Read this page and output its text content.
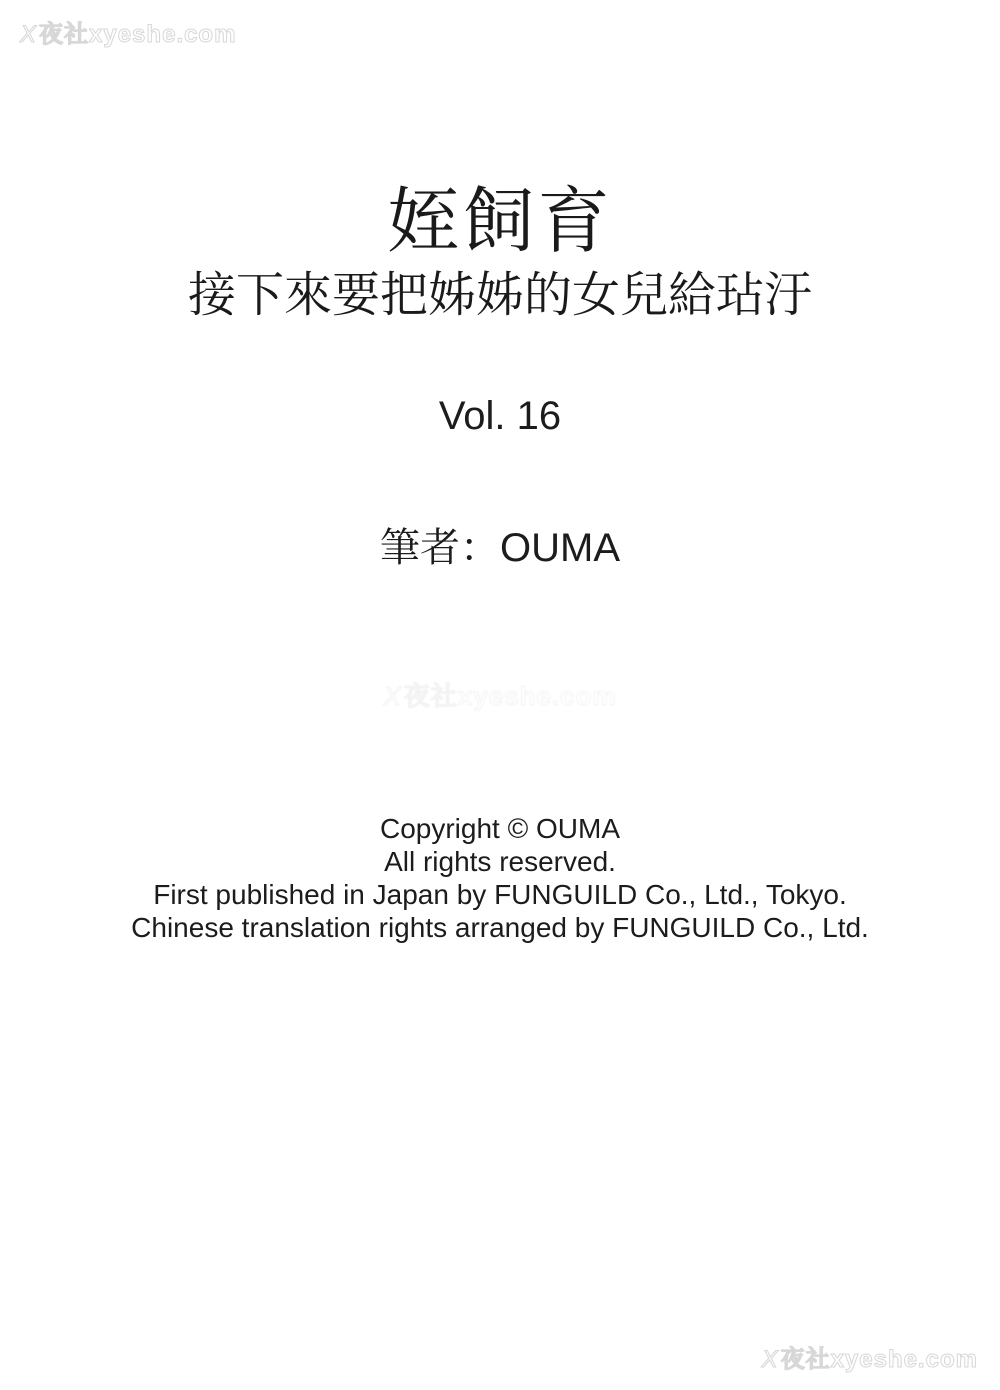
X夜社xyeshe.com
姪飼育
接下來要把姊姊的女兒給玷汙
Vol. 16
筆者：OUMA
X夜社xyeshe.com
Copyright © OUMA
All rights reserved.
First published in Japan by FUNGUILD Co., Ltd., Tokyo.
Chinese translation rights arranged by FUNGUILD Co., Ltd.
X夜社xyeshe.com
